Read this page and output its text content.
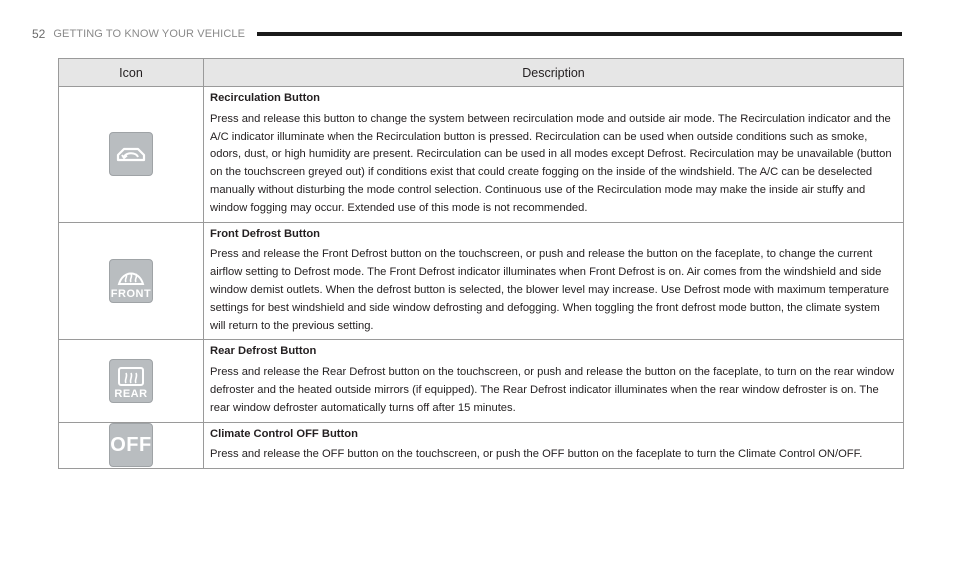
52 GETTING TO KNOW YOUR VEHICLE
Icon	Description

Recirculation Button
Press and release this button to change the system between recirculation mode and outside air mode. The Recirculation indicator and the A/C indicator illuminate when the Recirculation button is pressed. Recirculation can be used when outside conditions such as smoke, odors, dust, or high humidity are present. Recirculation can be used in all modes except Defrost. Recirculation may be unavailable (button on the touchscreen greyed out) if conditions exist that could create fogging on the inside of the windshield. The A/C can be deselected manually without disturbing the mode control selection. Continuous use of the Recirculation mode may make the inside air stuffy and window fogging may occur. Extended use of this mode is not recommended.

FRONT	Front Defrost Button
Press and release the Front Defrost button on the touchscreen, or push and release the button on the faceplate, to change the current airflow setting to Defrost mode. The Front Defrost indicator illuminates when Front Defrost is on. Air comes from the windshield and side window demist outlets. When the defrost button is selected, the blower level may increase. Use Defrost mode with maximum temperature settings for best windshield and side window defrosting and defogging. When toggling the front defrost mode button, the climate system will return to the previous setting.

REAR	Rear Defrost Button
Press and release the Rear Defrost button on the touchscreen, or push and release the button on the faceplate, to turn on the rear window defroster and the heated outside mirrors (if equipped). The Rear Defrost indicator illuminates when the rear window defroster is on. The rear window defroster automatically turns off after 15 minutes.

OFF	Climate Control OFF Button
Press and release the OFF button on the touchscreen, or push the OFF button on the faceplate to turn the Climate Control ON/OFF.
